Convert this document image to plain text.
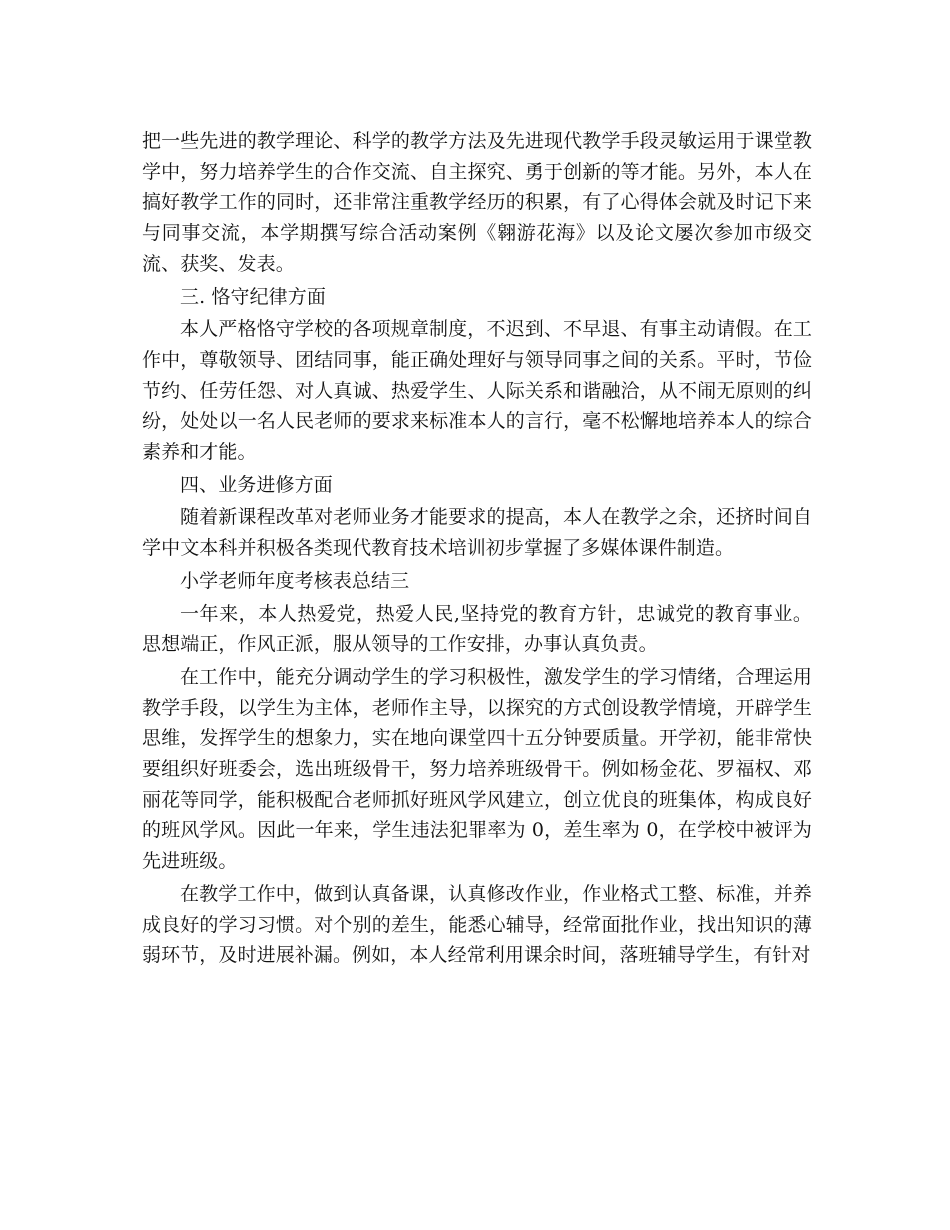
把一些先进的教学理论、科学的教学方法及先进现代教学手段灵敏运用于课堂教学中，努力培养学生的合作交流、自主探究、勇于创新的等才能。另外，本人在搞好教学工作的同时，还非常注重教学经历的积累，有了心得体会就及时记下来与同事交流，本学期撰写综合活动案例《翱游花海》以及论文屡次参加市级交流、获奖、发表。

三. 恪守纪律方面

本人严格恪守学校的各项规章制度，不迟到、不早退、有事主动请假。在工作中，尊敬领导、团结同事，能正确处理好与领导同事之间的关系。平时，节俭节约、任劳任怨、对人真诚、热爱学生、人际关系和谐融洽，从不闹无原则的纠纷，处处以一名人民老师的要求来标准本人的言行，毫不松懈地培养本人的综合素养和才能。

四、业务进修方面

随着新课程改革对老师业务才能要求的提高，本人在教学之余，还挤时间自学中文本科并积极各类现代教育技术培训初步掌握了多媒体课件制造。

小学老师年度考核表总结三

一年来，本人热爱党，热爱人民,坚持党的教育方针，忠诚党的教育事业。思想端正，作风正派，服从领导的工作安排，办事认真负责。

在工作中，能充分调动学生的学习积极性，激发学生的学习情绪，合理运用教学手段，以学生为主体，老师作主导，以探究的方式创设教学情境，开辟学生思维，发挥学生的想象力，实在地向课堂四十五分钟要质量。开学初，能非常快要组织好班委会，选出班级骨干，努力培养班级骨干。例如杨金花、罗福权、邓丽花等同学，能积极配合老师抓好班风学风建立，创立优良的班集体，构成良好的班风学风。因此一年来，学生违法犯罪率为 0，差生率为 0，在学校中被评为先进班级。

在教学工作中，做到认真备课，认真修改作业，作业格式工整、标准，并养成良好的学习习惯。对个别的差生，能悉心辅导，经常面批作业，找出知识的薄弱环节，及时进展补漏。例如，本人经常利用课余时间，落班辅导学生，有针对
